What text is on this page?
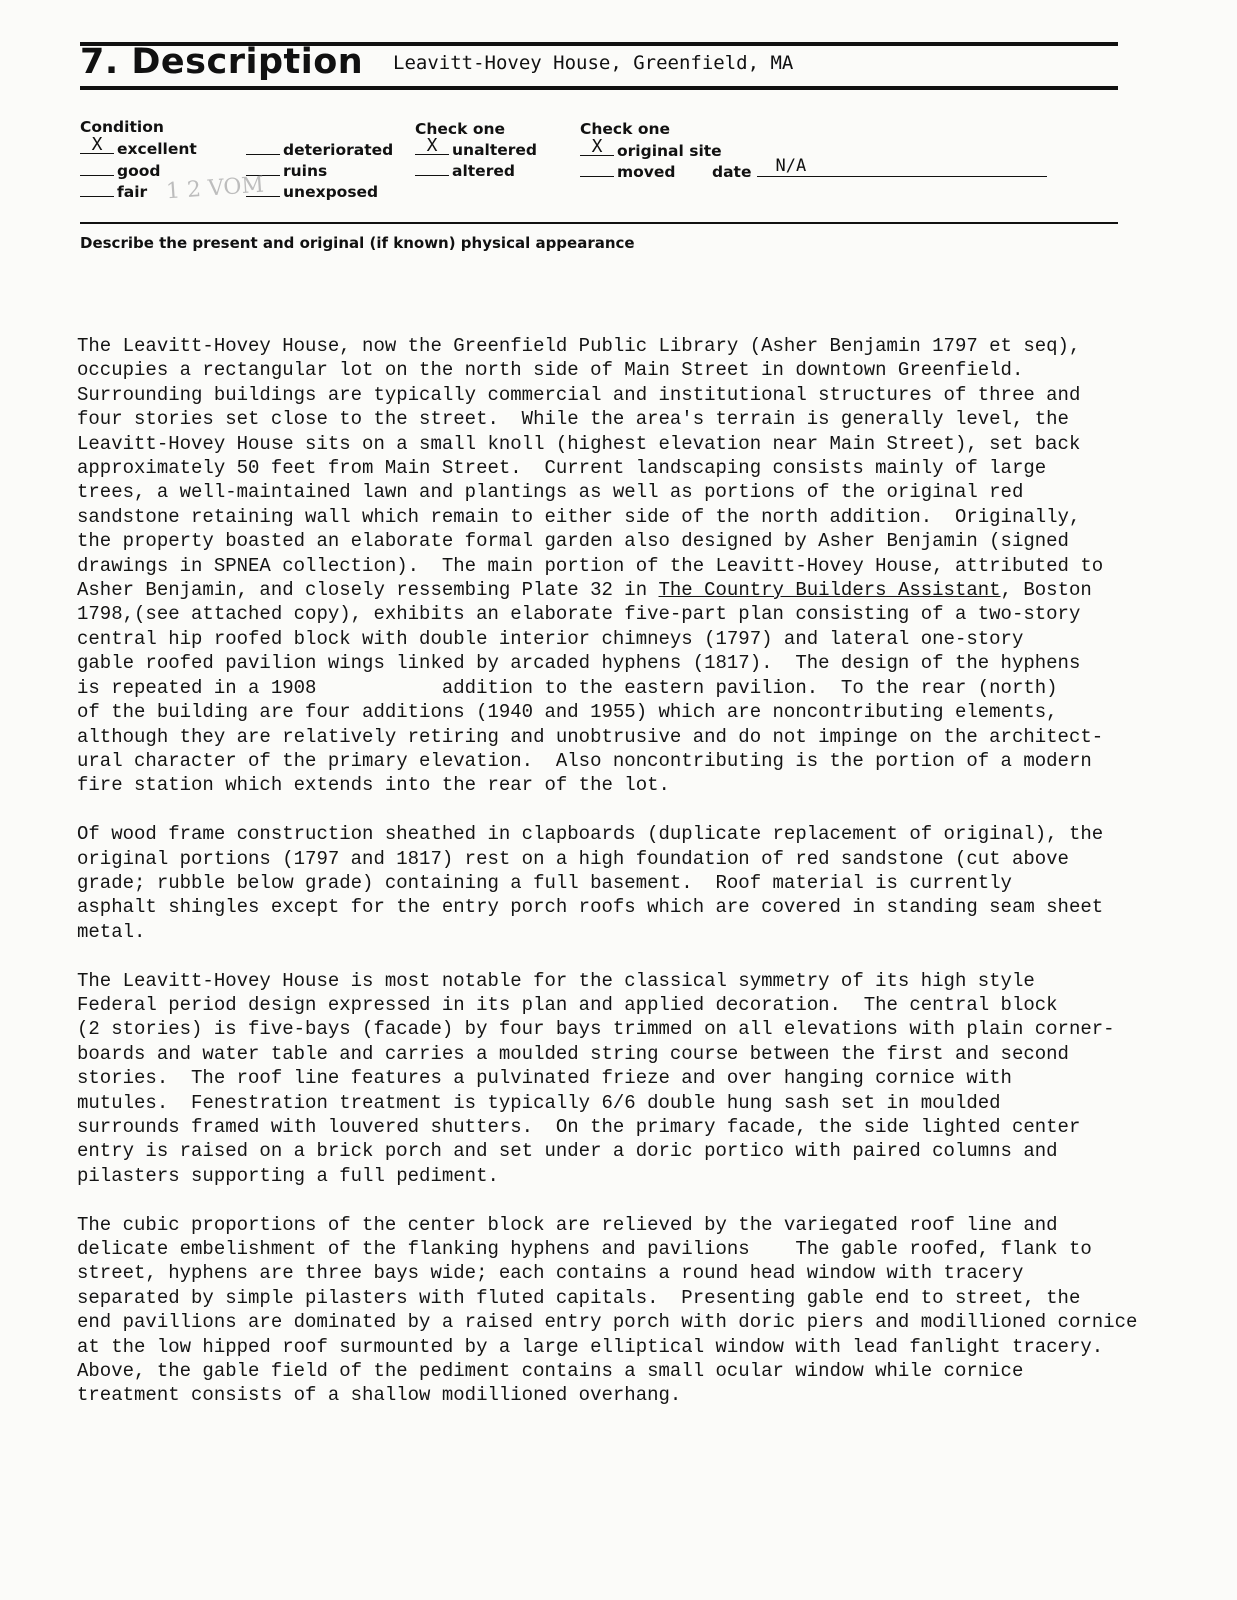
7. Description Leavitt-Hovey House, Greenfield, MA
Condition
X excellent
good
fair
deteriorated
ruins
unexposed
1 2 VOM
Check one
X unaltered
altered
Check one
X original site
moved date N/A
Describe the present and original (if known) physical appearance
The Leavitt-Hovey House, now the Greenfield Public Library (Asher Benjamin 1797 et seq),
occupies a rectangular lot on the north side of Main Street in downtown Greenfield.
Surrounding buildings are typically commercial and institutional structures of three and
four stories set close to the street.  While the area's terrain is generally level, the
Leavitt-Hovey House sits on a small knoll (highest elevation near Main Street), set back
approximately 50 feet from Main Street.  Current landscaping consists mainly of large
trees, a well-maintained lawn and plantings as well as portions of the original red
sandstone retaining wall which remain to either side of the north addition.  Originally,
the property boasted an elaborate formal garden also designed by Asher Benjamin (signed
drawings in SPNEA collection).  The main portion of the Leavitt-Hovey House, attributed to
Asher Benjamin, and closely ressembing Plate 32 in The Country Builders Assistant, Boston
1798,(see attached copy), exhibits an elaborate five-part plan consisting of a two-story
central hip roofed block with double interior chimneys (1797) and lateral one-story
gable roofed pavilion wings linked by arcaded hyphens (1817).  The design of the hyphens
is repeated in a 1908           addition to the eastern pavilion.  To the rear (north)
of the building are four additions (1940 and 1955) which are noncontributing elements,
although they are relatively retiring and unobtrusive and do not impinge on the architect-
ural character of the primary elevation.  Also noncontributing is the portion of a modern
fire station which extends into the rear of the lot.
Of wood frame construction sheathed in clapboards (duplicate replacement of original), the
original portions (1797 and 1817) rest on a high foundation of red sandstone (cut above
grade; rubble below grade) containing a full basement.  Roof material is currently
asphalt shingles except for the entry porch roofs which are covered in standing seam sheet
metal.
The Leavitt-Hovey House is most notable for the classical symmetry of its high style
Federal period design expressed in its plan and applied decoration.  The central block
(2 stories) is five-bays (facade) by four bays trimmed on all elevations with plain corner-
boards and water table and carries a moulded string course between the first and second
stories.  The roof line features a pulvinated frieze and over hanging cornice with
mutules.  Fenestration treatment is typically 6/6 double hung sash set in moulded
surrounds framed with louvered shutters.  On the primary facade, the side lighted center
entry is raised on a brick porch and set under a doric portico with paired columns and
pilasters supporting a full pediment.
The cubic proportions of the center block are relieved by the variegated roof line and
delicate embelishment of the flanking hyphens and pavilions    The gable roofed, flank to
street, hyphens are three bays wide; each contains a round head window with tracery
separated by simple pilasters with fluted capitals.  Presenting gable end to street, the
end pavillions are dominated by a raised entry porch with doric piers and modillioned cornice
at the low hipped roof surmounted by a large elliptical window with lead fanlight tracery.
Above, the gable field of the pediment contains a small ocular window while cornice
treatment consists of a shallow modillioned overhang.
